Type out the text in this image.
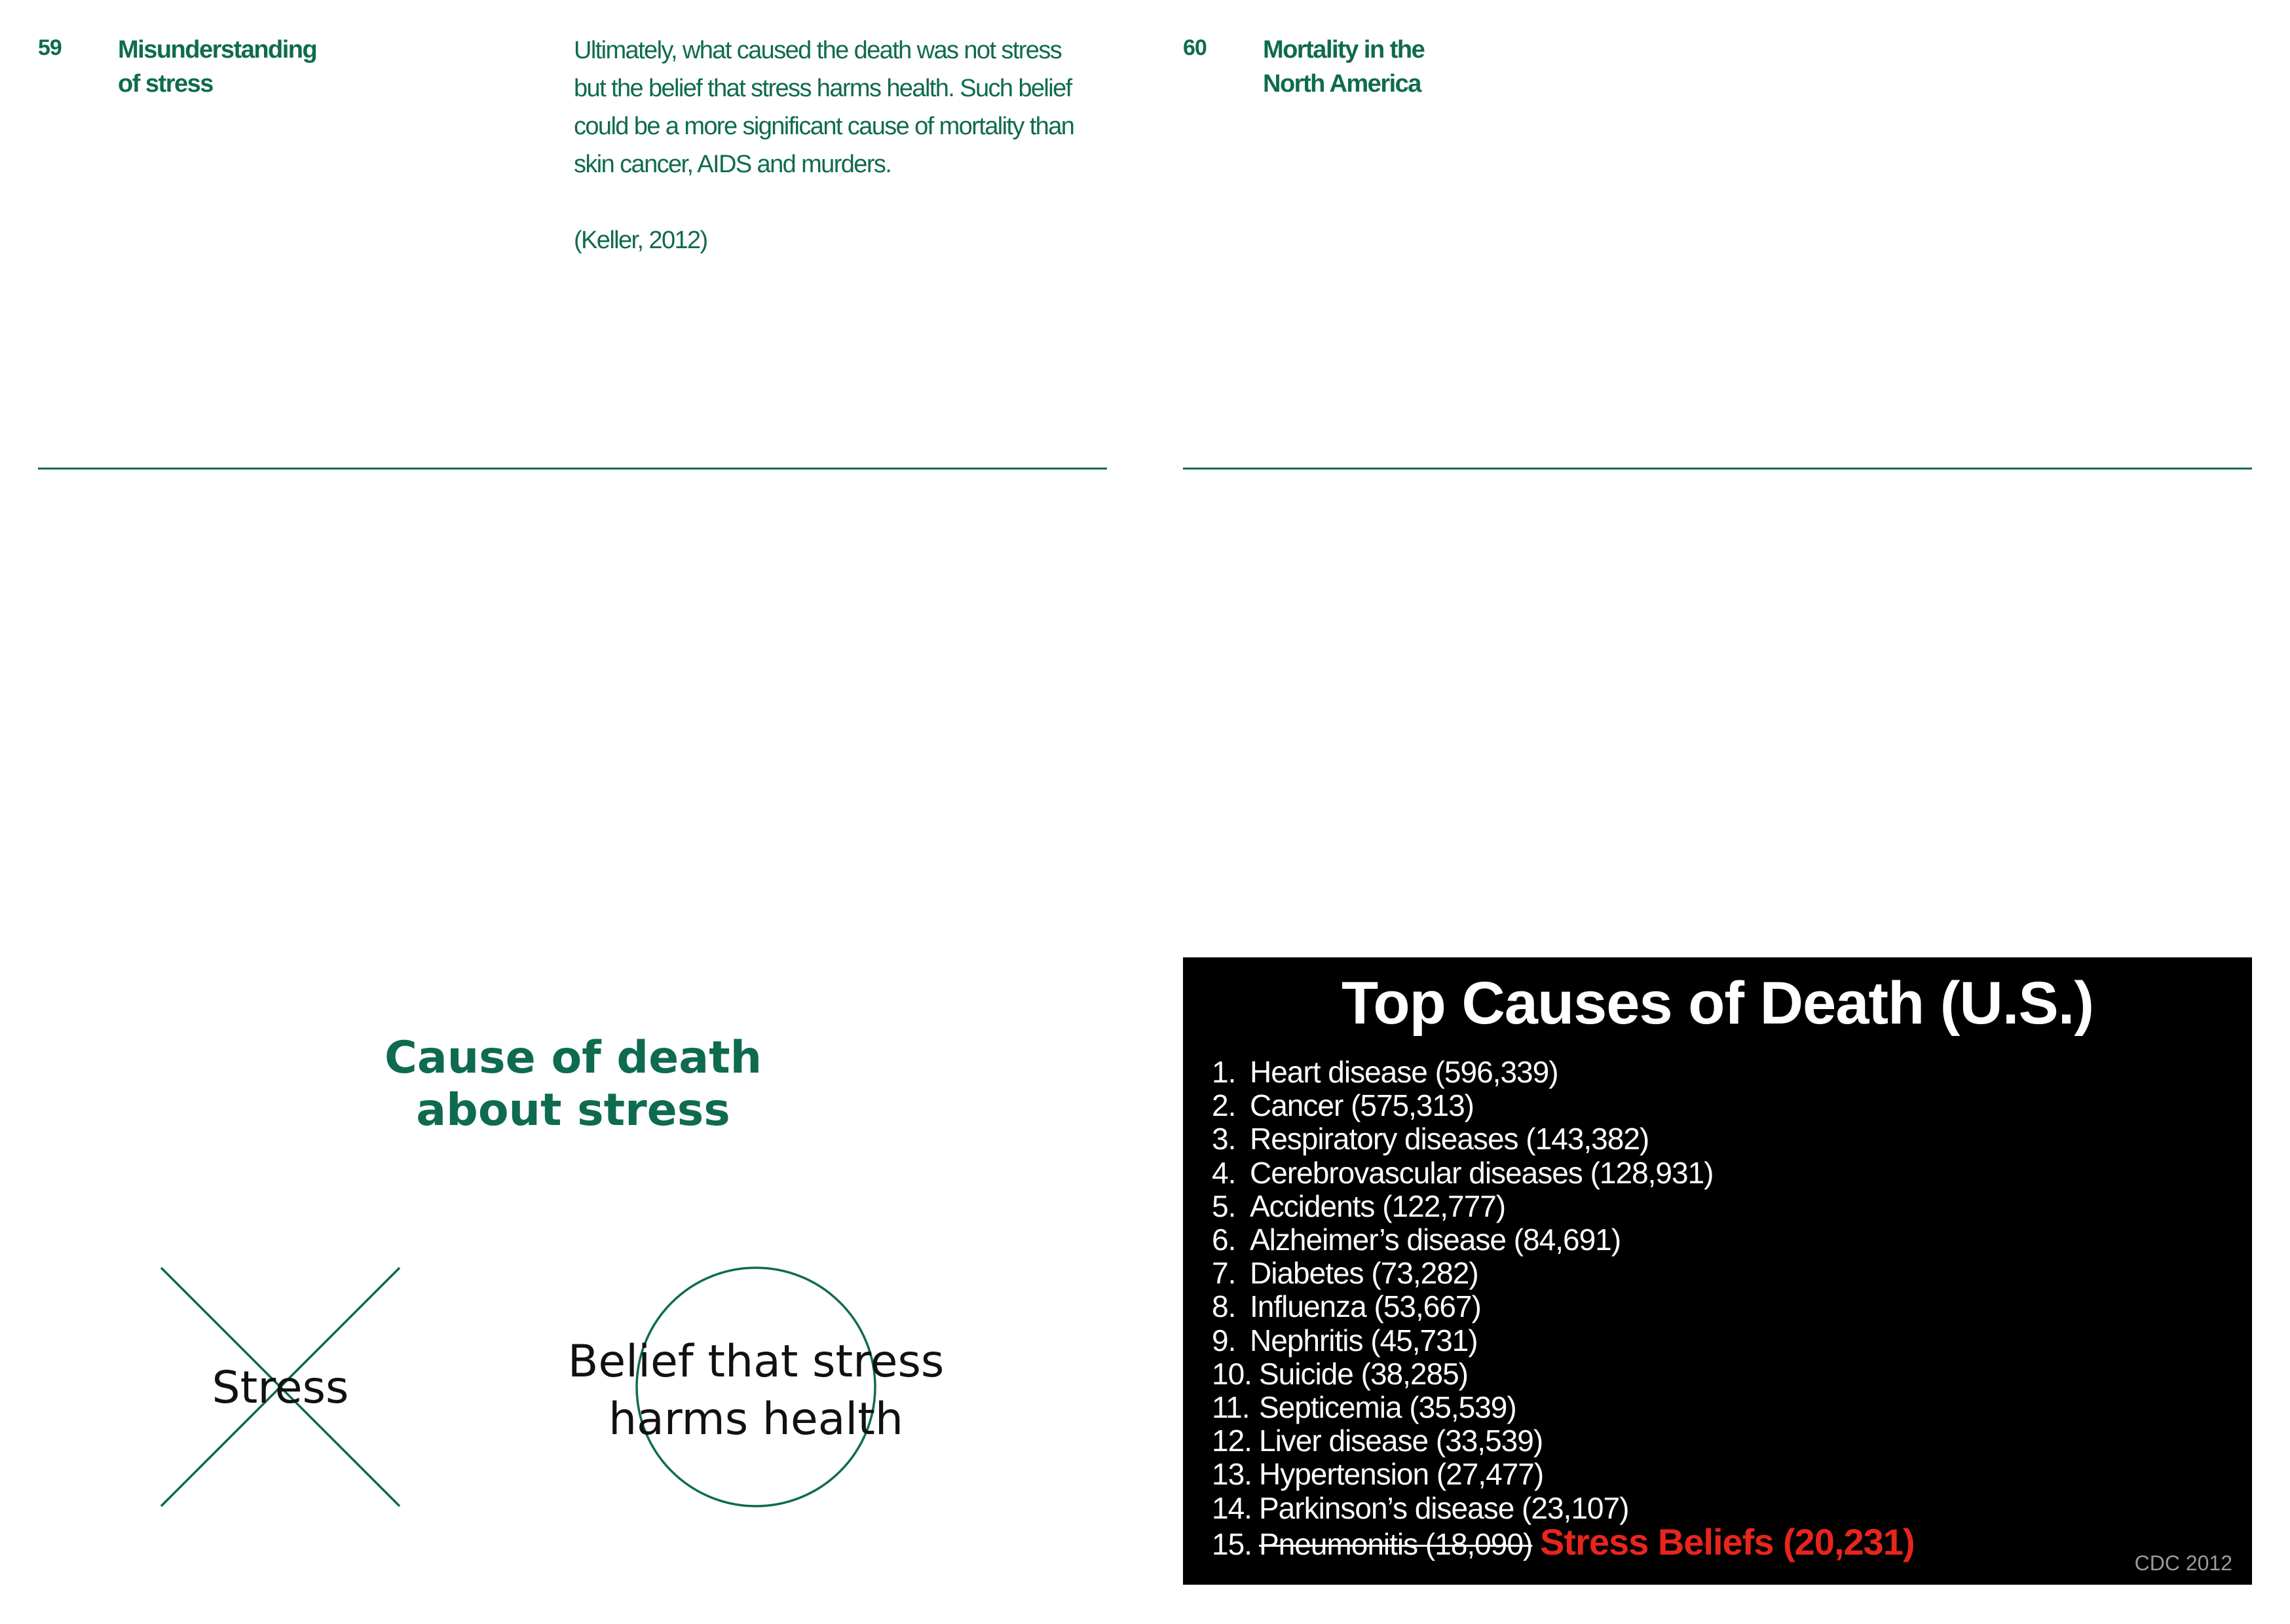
59 Misunderstanding
of stress
Ultimately, what caused the death was not stress
but the belief that stress harms health. Such belief
could be a more significant cause of mortality than
skin cancer, AIDS and murders.
(Keller, 2012)
Cause of death
about stress
Stress
Belief that stress
harms health
60 Mortality in the
North America
Top Causes of Death (U.S.)
1. Heart disease (596,339)
2. Cancer (575,313)
3. Respiratory diseases (143,382)
4. Cerebrovascular diseases (128,931)
5. Accidents (122,777)
6. Alzheimer’s disease (84,691)
7. Diabetes (73,282)
8. Influenza (53,667)
9. Nephritis (45,731)
10. Suicide (38,285)
11. Septicemia (35,539)
12. Liver disease (33,539)
13. Hypertension (27,477)
14. Parkinson’s disease (23,107)
15. Pneumonitis (18,090) Stress Beliefs (20,231)
CDC 2012
